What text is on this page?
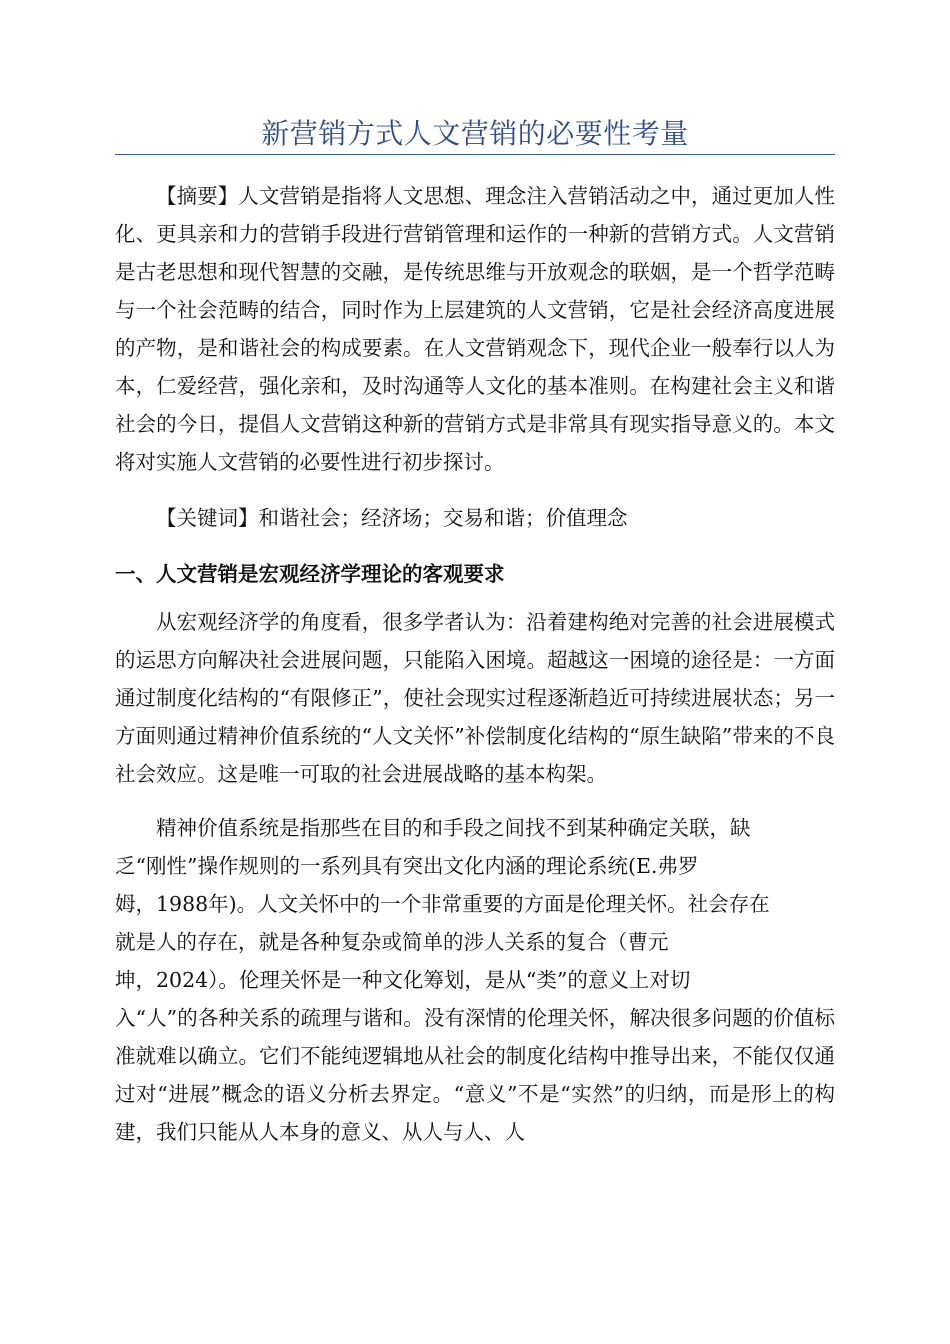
新营销方式人文营销的必要性考量

【摘要】人文营销是指将人文思想、理念注入营销活动之中，通过更加人性化、更具亲和力的营销手段进行营销管理和运作的一种新的营销方式。人文营销是古老思想和现代智慧的交融，是传统思维与开放观念的联姻，是一个哲学范畴与一个社会范畴的结合，同时作为上层建筑的人文营销，它是社会经济高度进展的产物，是和谐社会的构成要素。在人文营销观念下，现代企业一般奉行以人为本，仁爱经营，强化亲和，及时沟通等人文化的基本准则。在构建社会主义和谐社会的今日，提倡人文营销这种新的营销方式是非常具有现实指导意义的。本文将对实施人文营销的必要性进行初步探讨。

【关键词】和谐社会；经济场；交易和谐；价值理念

一、人文营销是宏观经济学理论的客观要求

从宏观经济学的角度看，很多学者认为：沿着建构绝对完善的社会进展模式的运思方向解决社会进展问题，只能陷入困境。超越这一困境的途径是：一方面通过制度化结构的“有限修正”，使社会现实过程逐渐趋近可持续进展状态；另一方面则通过精神价值系统的“人文关怀”补偿制度化结构的“原生缺陷”带来的不良社会效应。这是唯一可取的社会进展战略的基本构架。

精神价值系统是指那些在目的和手段之间找不到某种确定关联，缺
乏“刚性”操作规则的一系列具有突出文化内涵的理论系统(E.弗罗
姆，1988年)。人文关怀中的一个非常重要的方面是伦理关怀。社会存在
就是人的存在，就是各种复杂或简单的涉人关系的复合（曹元
坤，2024）。伦理关怀是一种文化筹划，是从“类”的意义上对切
入“人”的各种关系的疏理与谐和。没有深情的伦理关怀，解决很多问题的价值标准就难以确立。它们不能纯逻辑地从社会的制度化结构中推导出来，不能仅仅通过对“进展”概念的语义分析去界定。“意义”不是“实然”的归纳，而是形上的构建，我们只能从人本身的意义、从人与人、人
